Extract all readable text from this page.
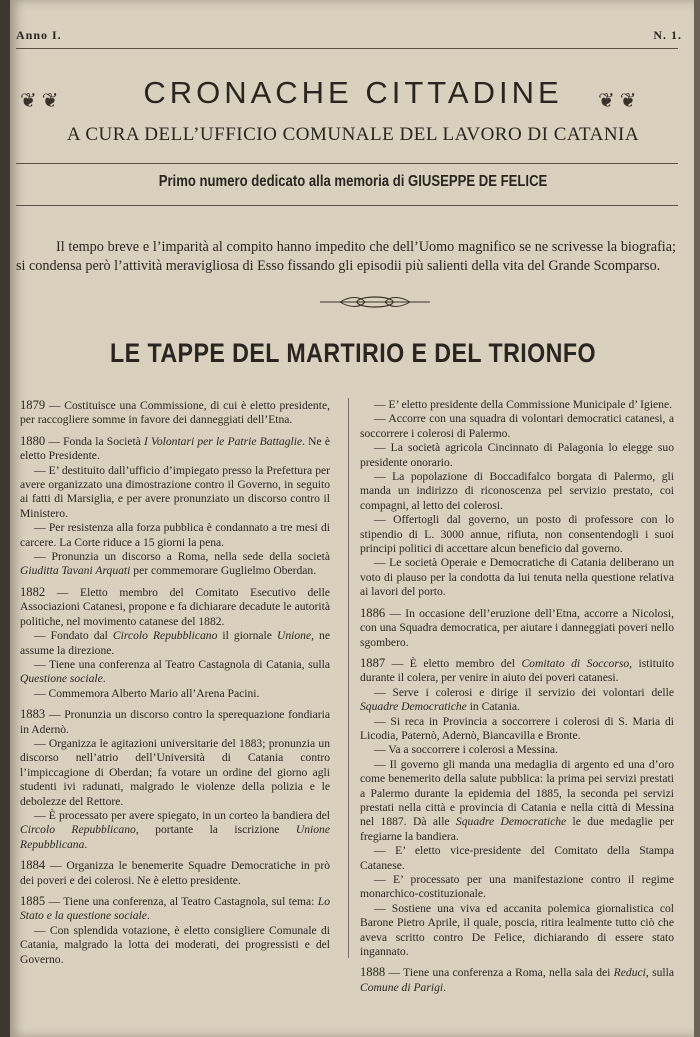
Anno I.	N. 1.
❦ ❦	CRONACHE CITTADINE	❦ ❦
A CURA DELL’UFFICIO COMUNALE DEL LAVORO DI CATANIA
Primo numero dedicato alla memoria di GIUSEPPE DE FELICE
Il tempo breve e l’imparità al compito hanno impedito che dell’Uomo magnifico se ne scrivesse la biografia; si condensa però l’attività meravigliosa di Esso fissando gli episodii più salienti della vita del Grande Scomparso.
LE TAPPE DEL MARTIRIO E DEL TRIONFO

1879 — Costituisce una Commissione, di cui è eletto presidente, per raccogliere somme in favore dei danneggiati dell’Etna.

1880 — Fonda la Società I Volontari per le Patrie Battaglie. Ne è eletto Presidente.

— E’ destituito dall’ufficio d’impiegato presso la Prefettura per avere organizzato una dimostrazione contro il Governo, in seguito ai fatti di Marsiglia, e per avere pronunziato un discorso contro il Ministero.

— Per resistenza alla forza pubblica è condannato a tre mesi di carcere. La Corte riduce a 15 giorni la pena.

— Pronunzia un discorso a Roma, nella sede della società Giuditta Tavani Arquati per commemorare Guglielmo Oberdan.

1882 — Eletto membro del Comitato Esecutivo delle Associazioni Catanesi, propone e fa dichiarare decadute le autorità politiche, nel movimento catanese del 1882.

— Fondato dal Circolo Repubblicano il giornale Unione, ne assume la direzione.

— Tiene una conferenza al Teatro Castagnola di Catania, sulla Questione sociale.

— Commemora Alberto Mario all’Arena Pacini.

1883 — Pronunzia un discorso contro la sperequazione fondiaria in Adernò.

— Organizza le agitazioni universitarie del 1883; pronunzia un discorso nell’atrio dell’Università di Catania contro l’impiccagione di Oberdan; fa votare un ordine del giorno agli studenti ivi radunati, malgrado le violenze della polizia e le debolezze del Rettore.

— È processato per avere spiegato, in un corteo la bandiera del Circolo Repubblicano, portante la iscrizione Unione Repubblicana.

1884 — Organizza le benemerite Squadre Democratiche in prò dei poveri e dei colerosi. Ne è eletto presidente.

1885 — Tiene una conferenza, al Teatro Castagnola, sul tema: Lo Stato e la questione sociale.

— Con splendida votazione, è eletto consigliere Comunale di Catania, malgrado la lotta dei moderati, dei progressisti e del Governo.

— E’ eletto presidente della Commissione Municipale d’ Igiene.

— Accorre con una squadra di volontari democratici catanesi, a soccorrere i colerosi di Palermo.

— La società agricola Cincinnato di Palagonia lo elegge suo presidente onorario.

— La popolazione di Boccadifalco borgata di Palermo, gli manda un indirizzo di riconoscenza pel servizio prestato, coi compagni, al letto dei colerosi.

— Offertogli dal governo, un posto di professore con lo stipendio di L. 3000 annue, rifiuta, non consentendogli i suoi principi politici di accettare alcun beneficio dal governo.

— Le società Operaie e Democratiche di Catania deliberano un voto di plauso per la condotta da lui tenuta nella questione relativa ai lavori del porto.

1886 — In occasione dell’eruzione dell’Etna, accorre a Nicolosi, con una Squadra democratica, per aiutare i danneggiati poveri nello sgombero.

1887 — È eletto membro del Comitato di Soccorso, istituito durante il colera, per venire in aiuto dei poveri catanesi.

— Serve i colerosi e dirige il servizio dei volontari delle Squadre Democratiche in Catania.

— Si reca in Provincia a soccorrere i colerosi di S. Maria di Licodia, Paternò, Adernò, Biancavilla e Bronte.

— Va a soccorrere i colerosi a Messina.

— Il governo gli manda una medaglia di argento ed una d’oro come benemerito della salute pubblica: la prima pei servizi prestati a Palermo durante la epidemia del 1885, la seconda pei servizi prestati nella città e provincia di Catania e nella città di Messina nel 1887. Dà alle Squadre Democratiche le due medaglie per fregiarne la bandiera.

— E’ eletto vice-presidente del Comitato della Stampa Catanese.

— E’ processato per una manifestazione contro il regime monarchico-costituzionale.

— Sostiene una viva ed accanita polemica giornalistica col Barone Pietro Aprile, il quale, poscia, ritira lealmente tutto ciò che aveva scritto contro De Felice, dichiarando di essere stato ingannato.

1888 — Tiene una conferenza a Roma, nella sala dei Reduci, sulla Comune di Parigi.
